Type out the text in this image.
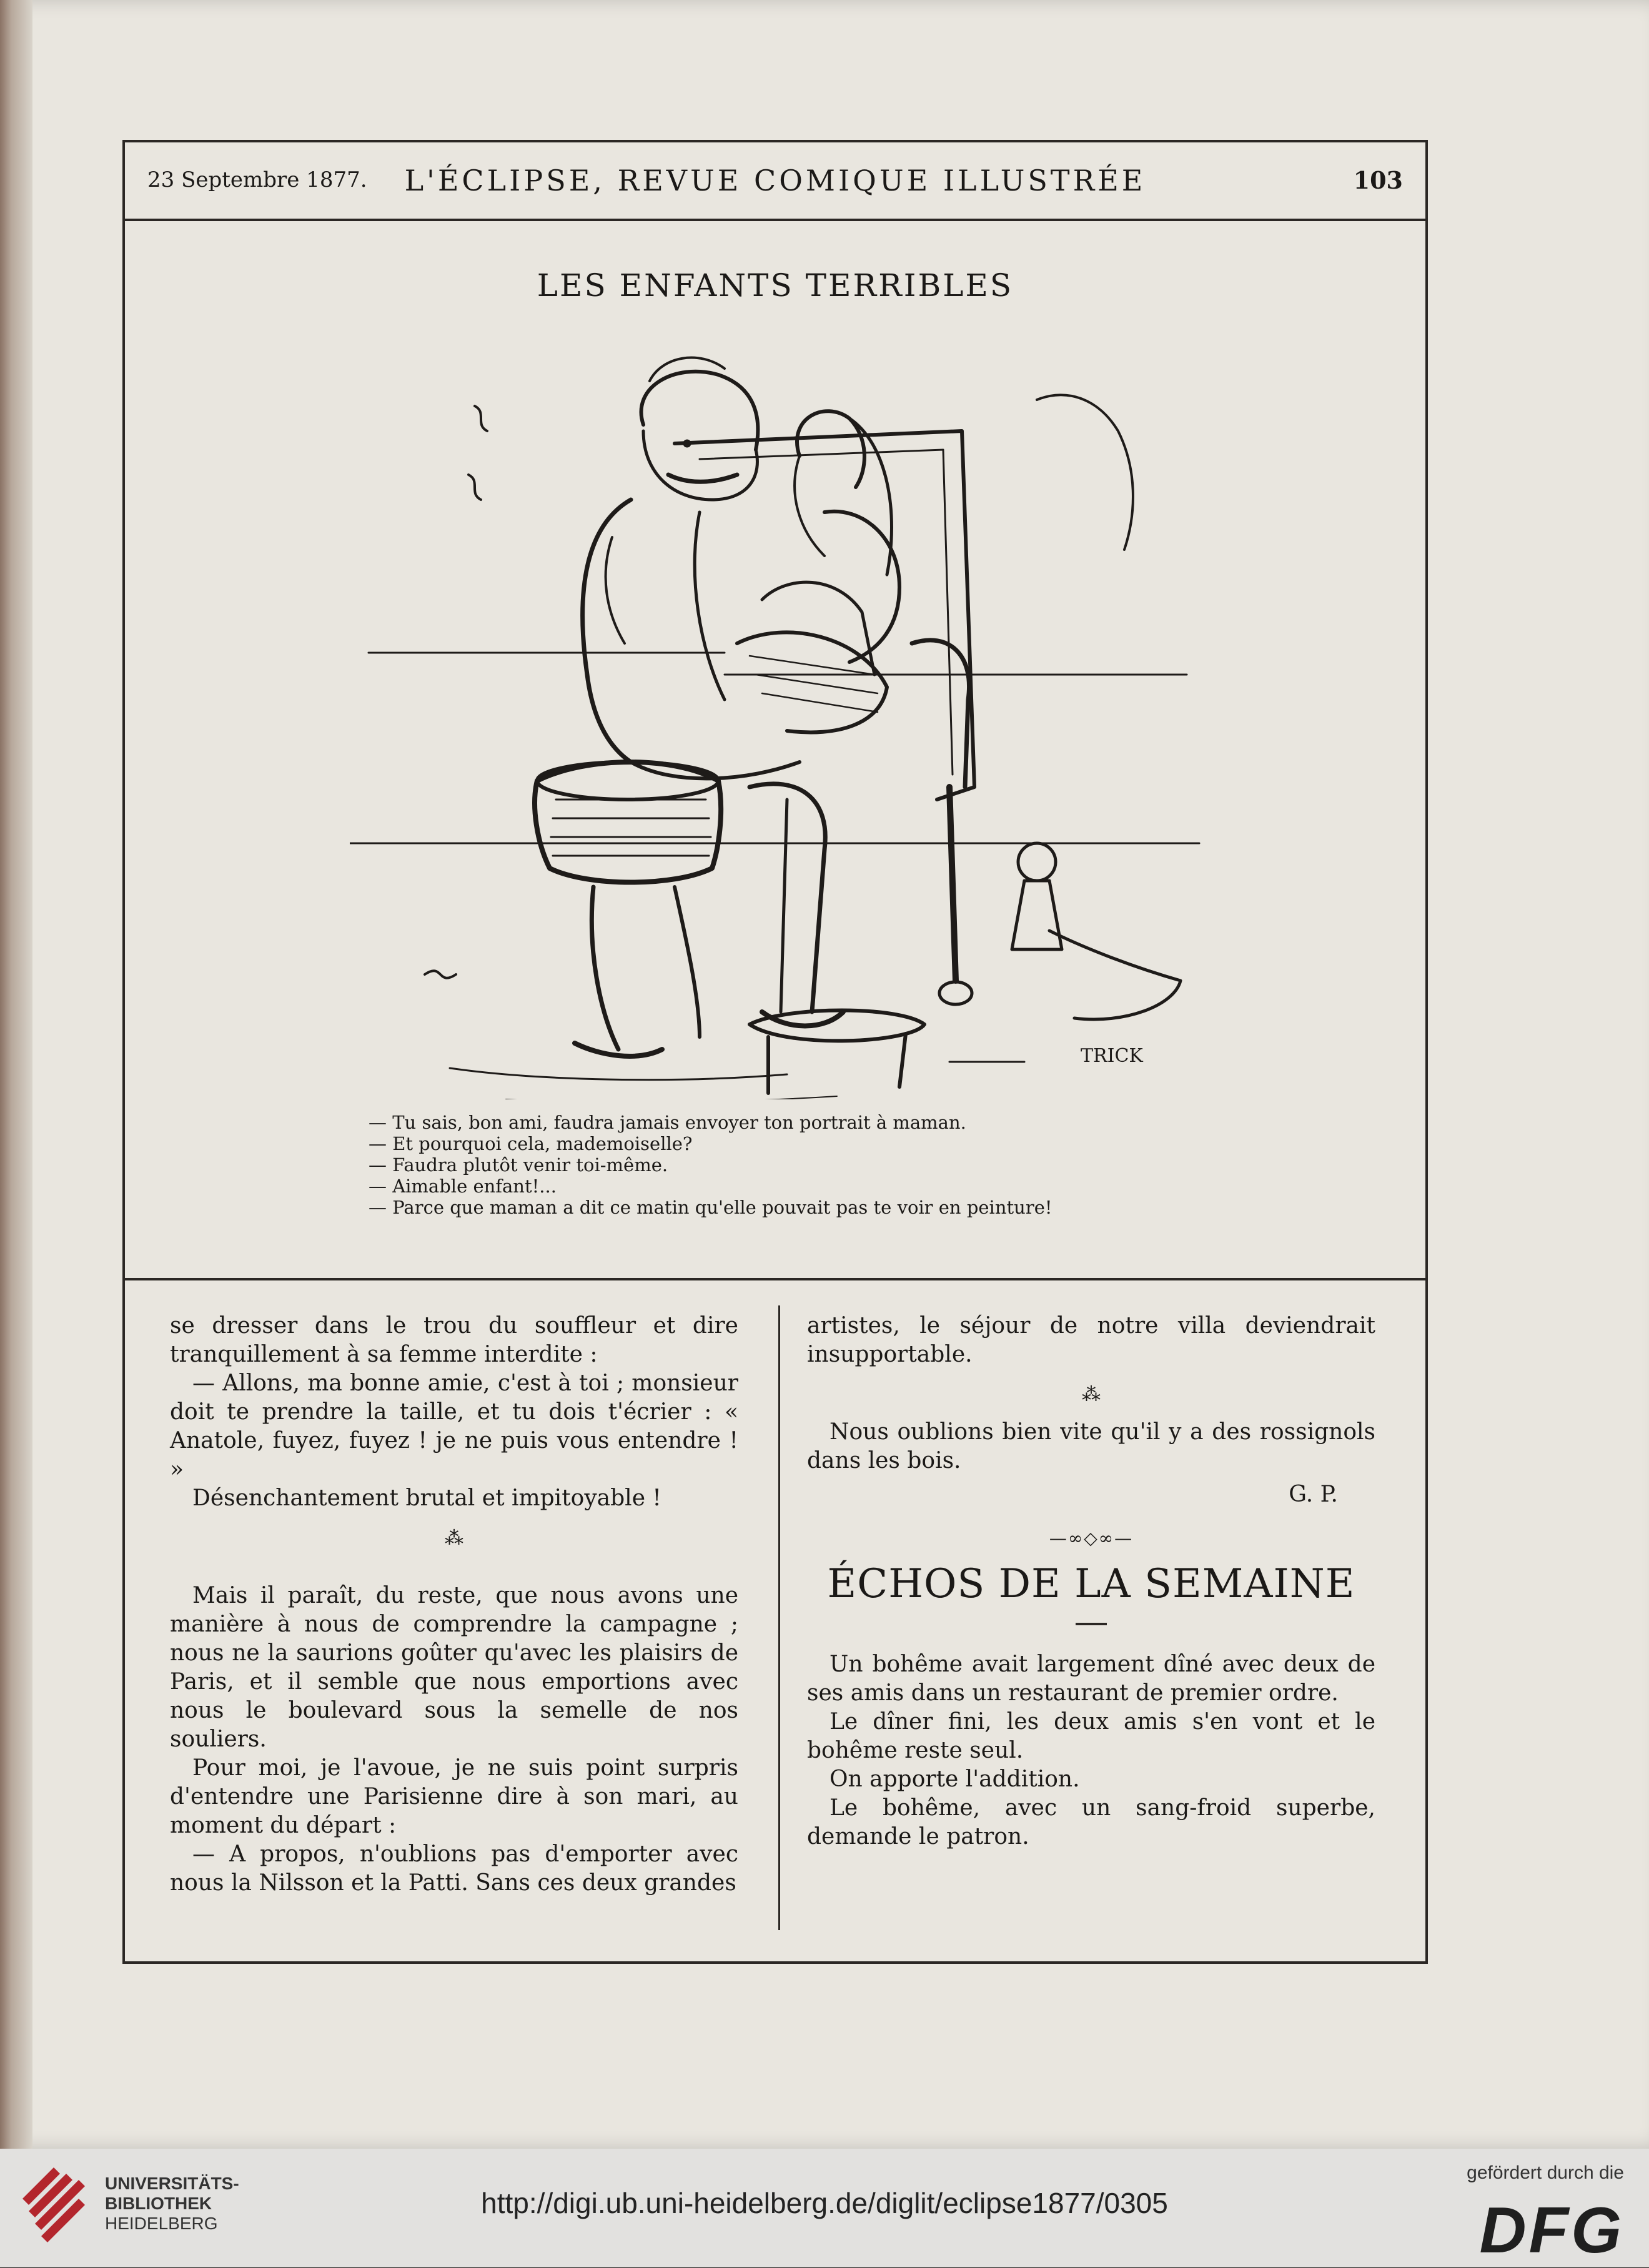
23 Septembre 1877.	L'ÉCLIPSE, REVUE COMIQUE ILLUSTRÉE	103
LES ENFANTS TERRIBLES
TRICK
— Tu sais, bon ami, faudra jamais envoyer ton portrait à maman.
— Et pourquoi cela, mademoiselle?
— Faudra plutôt venir toi-même.
— Aimable enfant!...
— Parce que maman a dit ce matin qu'elle pouvait pas te voir en peinture!

se dresser dans le trou du souffleur et dire tranquillement à sa femme interdite :

— Allons, ma bonne amie, c'est à toi ; monsieur doit te prendre la taille, et tu dois t'écrier : « Anatole, fuyez, fuyez ! je ne puis vous entendre ! »

Désenchantement brutal et impitoyable !

⁂

Mais il paraît, du reste, que nous avons une manière à nous de comprendre la campagne ; nous ne la saurions goûter qu'avec les plaisirs de Paris, et il semble que nous emportions avec nous le boulevard sous la semelle de nos souliers.

Pour moi, je l'avoue, je ne suis point surpris d'entendre une Parisienne dire à son mari, au moment du départ :

— A propos, n'oublions pas d'emporter avec nous la Nilsson et la Patti. Sans ces deux grandes

artistes, le séjour de notre villa deviendrait insupportable.

⁂

Nous oublions bien vite qu'il y a des rossignols dans les bois.

G. P.
—∞◇∞—
ÉCHOS DE LA SEMAINE

Un bohême avait largement dîné avec deux de ses amis dans un restaurant de premier ordre.

Le dîner fini, les deux amis s'en vont et le bohême reste seul.

On apporte l'addition.

Le bohême, avec un sang-froid superbe, demande le patron.

UNIVERSITÄTS-
BIBLIOTHEK
HEIDELBERG
http://digi.ub.uni-heidelberg.de/diglit/eclipse1877/0305
gefördert durch die
DFG
